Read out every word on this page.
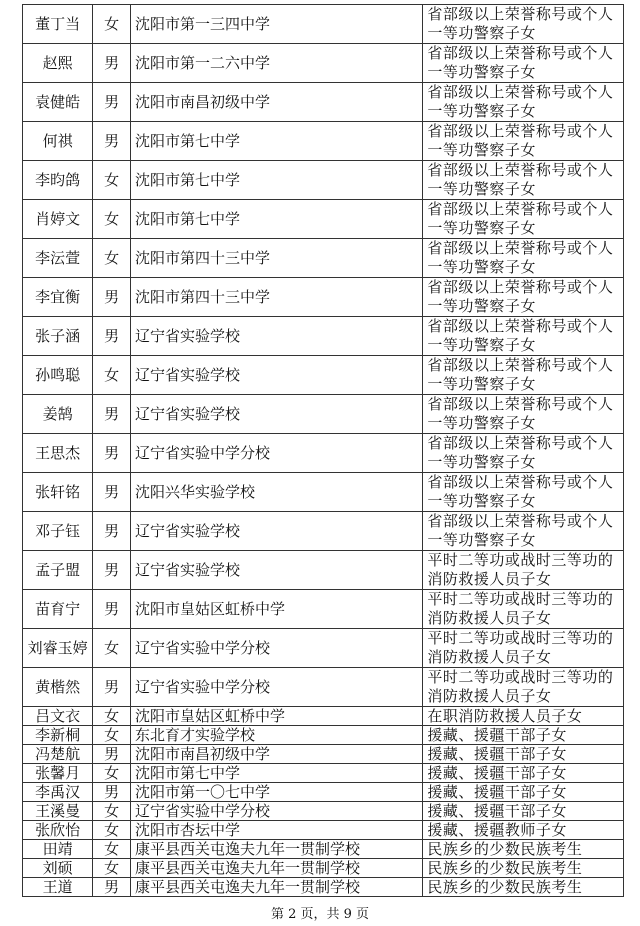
董丁当	女	沈阳市第一三四中学	省部级以上荣誉称号或个人一等功警察子女
赵熙	男	沈阳市第一二六中学	省部级以上荣誉称号或个人一等功警察子女
袁健皓	男	沈阳市南昌初级中学	省部级以上荣誉称号或个人一等功警察子女
何祺	男	沈阳市第七中学	省部级以上荣誉称号或个人一等功警察子女
李昀鸽	女	沈阳市第七中学	省部级以上荣誉称号或个人一等功警察子女
肖婷文	女	沈阳市第七中学	省部级以上荣誉称号或个人一等功警察子女
李沄萱	女	沈阳市第四十三中学	省部级以上荣誉称号或个人一等功警察子女
李宜衡	男	沈阳市第四十三中学	省部级以上荣誉称号或个人一等功警察子女
张子涵	男	辽宁省实验学校	省部级以上荣誉称号或个人一等功警察子女
孙鸣聪	女	辽宁省实验学校	省部级以上荣誉称号或个人一等功警察子女
姜鹄	男	辽宁省实验学校	省部级以上荣誉称号或个人一等功警察子女
王思杰	男	辽宁省实验中学分校	省部级以上荣誉称号或个人一等功警察子女
张轩铭	男	沈阳兴华实验学校	省部级以上荣誉称号或个人一等功警察子女
邓子钰	男	辽宁省实验学校	省部级以上荣誉称号或个人一等功警察子女
孟子盟	男	辽宁省实验学校	平时二等功或战时三等功的消防救援人员子女
苗育宁	男	沈阳市皇姑区虹桥中学	平时二等功或战时三等功的消防救援人员子女
刘睿玉婷	女	辽宁省实验中学分校	平时二等功或战时三等功的消防救援人员子女
黄楷然	男	辽宁省实验中学分校	平时二等功或战时三等功的消防救援人员子女
吕文衣	女	沈阳市皇姑区虹桥中学	在职消防救援人员子女
李新桐	女	东北育才实验学校	援藏、援疆干部子女
冯楚航	男	沈阳市南昌初级中学	援藏、援疆干部子女
张馨月	女	沈阳市第七中学	援藏、援疆干部子女
李禹汉	男	沈阳市第一〇七中学	援藏、援疆干部子女
王溪曼	女	辽宁省实验中学分校	援藏、援疆干部子女
张欣怡	女	沈阳市杏坛中学	援藏、援疆教师子女
田靖	女	康平县西关屯逸夫九年一贯制学校	民族乡的少数民族考生
刘硕	女	康平县西关屯逸夫九年一贯制学校	民族乡的少数民族考生
王道	男	康平县西关屯逸夫九年一贯制学校	民族乡的少数民族考生
第 2 页，共 9 页
